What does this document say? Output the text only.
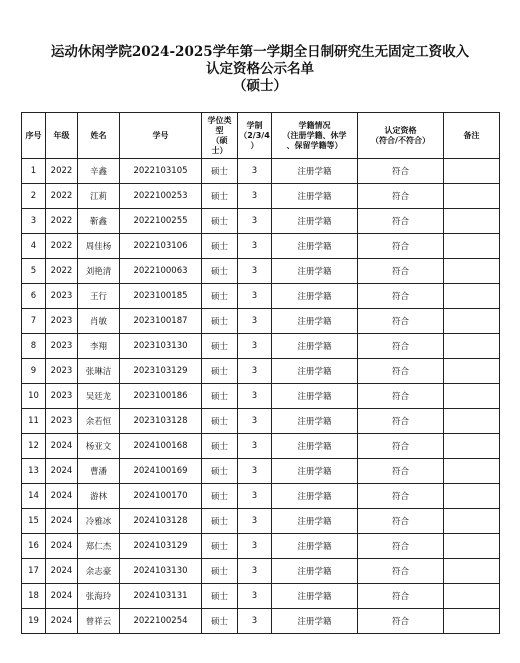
运动休闲学院2024-2025学年第一学期全日制研究生无固定工资收入
认定资格公示名单
（硕士）
序号	年级	姓名	学号	学位类
型
（硕
士）	学制
（2/3/4
）	学籍情况
（注册学籍、休学
、保留学籍等）	认定资格
（符合/不符合）	备注
1	2022	辛鑫	2022103105	硕士	3	注册学籍	符合	
2	2022	江莉	2022100253	硕士	3	注册学籍	符合	
3	2022	靳鑫	2022100255	硕士	3	注册学籍	符合	
4	2022	周佳杨	2022103106	硕士	3	注册学籍	符合	
5	2022	刘艳清	2022100063	硕士	3	注册学籍	符合	
6	2023	王行	2023100185	硕士	3	注册学籍	符合	
7	2023	肖敏	2023100187	硕士	3	注册学籍	符合	
8	2023	李翔	2023103130	硕士	3	注册学籍	符合	
9	2023	张琳洁	2023103129	硕士	3	注册学籍	符合	
10	2023	吴廷龙	2023100186	硕士	3	注册学籍	符合	
11	2023	余若恒	2023103128	硕士	3	注册学籍	符合	
12	2024	杨亚文	2024100168	硕士	3	注册学籍	符合	
13	2024	曹潘	2024100169	硕士	3	注册学籍	符合	
14	2024	游林	2024100170	硕士	3	注册学籍	符合	
15	2024	冷雅冰	2024103128	硕士	3	注册学籍	符合	
16	2024	郑仁杰	2024103129	硕士	3	注册学籍	符合	
17	2024	余志豪	2024103130	硕士	3	注册学籍	符合	
18	2024	张海玲	2024103131	硕士	3	注册学籍	符合	
19	2024	曾祥云	2022100254	硕士	3	注册学籍	符合	
